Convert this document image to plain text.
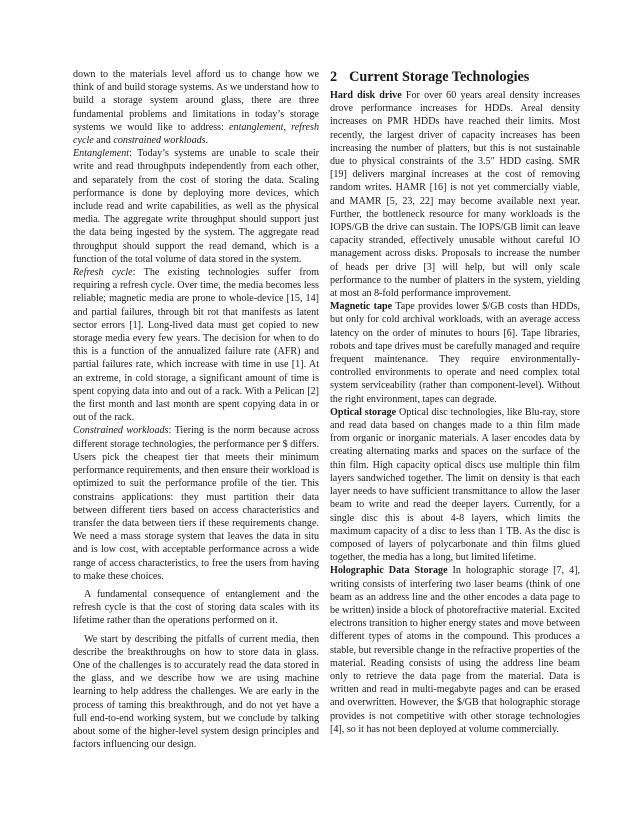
down to the materials level afford us to change how we think of and build storage systems. As we understand how to build a storage system around glass, there are three fundamental problems and limitations in today’s storage systems we would like to address: entanglement, refresh cycle and constrained workloads.

Entanglement: Today’s systems are unable to scale their write and read throughputs independently from each other, and separately from the cost of storing the data. Scaling performance is done by deploying more devices, which include read and write capabilities, as well as the physical media. The aggregate write throughput should support just the data being ingested by the system. The aggregate read throughput should support the read demand, which is a function of the total volume of data stored in the system.

Refresh cycle: The existing technologies suffer from requiring a refresh cycle. Over time, the media becomes less reliable; magnetic media are prone to whole-device [15, 14] and partial failures, through bit rot that manifests as latent sector errors [1]. Long-lived data must get copied to new storage media every few years. The decision for when to do this is a function of the annualized failure rate (AFR) and partial failures rate, which increase with time in use [1]. At an extreme, in cold storage, a significant amount of time is spent copying data into and out of a rack. With a Pelican [2] the first month and last month are spent copying data in or out of the rack.

Constrained workloads: Tiering is the norm because across different storage technologies, the performance per $ differs. Users pick the cheapest tier that meets their minimum performance requirements, and then ensure their workload is optimized to suit the performance profile of the tier. This constrains applications: they must partition their data between different tiers based on access characteristics and transfer the data between tiers if these requirements change. We need a mass storage system that leaves the data in situ and is low cost, with acceptable performance across a wide range of access characteristics, to free the users from having to make these choices.

A fundamental consequence of entanglement and the refresh cycle is that the cost of storing data scales with its lifetime rather than the operations performed on it.

We start by describing the pitfalls of current media, then describe the breakthroughs on how to store data in glass. One of the challenges is to accurately read the data stored in the glass, and we describe how we are using machine learning to help address the challenges. We are early in the process of taming this breakthrough, and do not yet have a full end-to-end working system, but we conclude by talking about some of the higher-level system design principles and factors influencing our design.

2 Current Storage Technologies

Hard disk drive For over 60 years areal density increases drove performance increases for HDDs. Areal density increases on PMR HDDs have reached their limits. Most recently, the largest driver of capacity increases has been increasing the number of platters, but this is not sustainable due to physical constraints of the 3.5″ HDD casing. SMR [19] delivers marginal increases at the cost of removing random writes. HAMR [16] is not yet commercially viable, and MAMR [5, 23, 22] may become available next year. Further, the bottleneck resource for many workloads is the IOPS/GB the drive can sustain. The IOPS/GB limit can leave capacity stranded, effectively unusable without careful IO management across disks. Proposals to increase the number of heads per drive [3] will help, but will only scale performance to the number of platters in the system, yielding at most an 8-fold performance improvement.

Magnetic tape Tape provides lower $/GB costs than HDDs, but only for cold archival workloads, with an average access latency on the order of minutes to hours [6]. Tape libraries, robots and tape drives must be carefully managed and require frequent maintenance. They require environmentally-controlled environments to operate and need complex total system serviceability (rather than component-level). Without the right environment, tapes can degrade.

Optical storage Optical disc technologies, like Blu-ray, store and read data based on changes made to a thin film made from organic or inorganic materials. A laser encodes data by creating alternating marks and spaces on the surface of the thin film. High capacity optical discs use multiple thin film layers sandwiched together. The limit on density is that each layer needs to have sufficient transmittance to allow the laser beam to write and read the deeper layers. Currently, for a single disc this is about 4-8 layers, which limits the maximum capacity of a disc to less than 1 TB. As the disc is composed of layers of polycarbonate and thin films glued together, the media has a long, but limited lifetime.

Holographic Data Storage In holographic storage [7, 4], writing consists of interfering two laser beams (think of one beam as an address line and the other encodes a data page to be written) inside a block of photorefractive material. Excited electrons transition to higher energy states and move between different types of atoms in the compound. This produces a stable, but reversible change in the refractive properties of the material. Reading consists of using the address line beam only to retrieve the data page from the material. Data is written and read in multi-megabyte pages and can be erased and overwritten. However, the $/GB that holographic storage provides is not competitive with other storage technologies [4], so it has not been deployed at volume commercially.
